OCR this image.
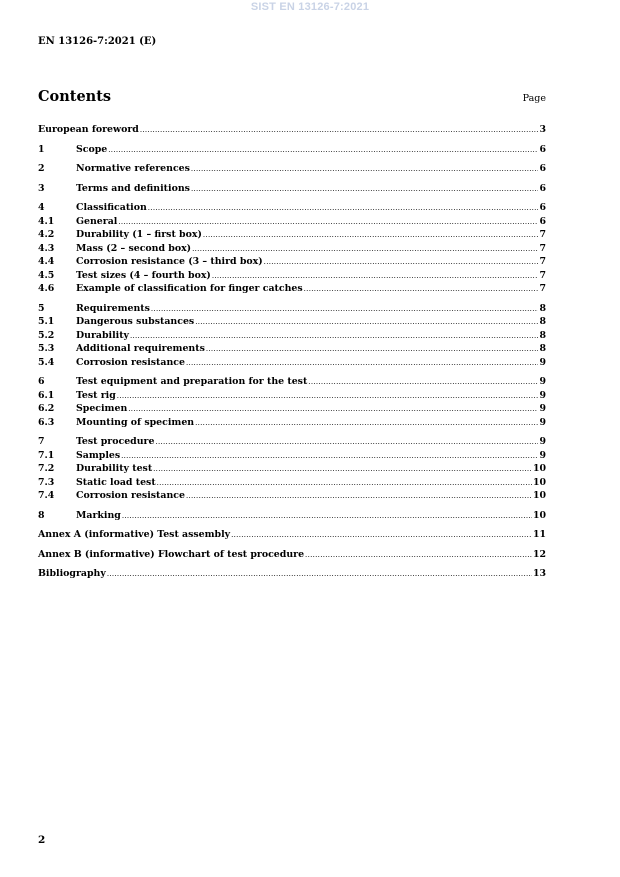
SIST EN 13126-7:2021
EN 13126-7:2021 (E)
Contents	Page
European foreword .....	3
1	Scope .....	6
2	Normative references .....	6
3	Terms and definitions .....	6
4	Classification .....	6
4.1	General .....	6
4.2	Durability (1 – first box) .....	7
4.3	Mass (2 – second box) .....	7
4.4	Corrosion resistance (3 – third box) .....	7
4.5	Test sizes (4 – fourth box) .....	7
4.6	Example of classification for finger catches .....	7
5	Requirements .....	8
5.1	Dangerous substances .....	8
5.2	Durability .....	8
5.3	Additional requirements .....	8
5.4	Corrosion resistance .....	9
6	Test equipment and preparation for the test .....	9
6.1	Test rig .....	9
6.2	Specimen .....	9
6.3	Mounting of specimen .....	9
7	Test procedure .....	9
7.1	Samples .....	9
7.2	Durability test .....	10
7.3	Static load test .....	10
7.4	Corrosion resistance .....	10
8	Marking .....	10
Annex A (informative) Test assembly .....	11
Annex B (informative) Flowchart of test procedure .....	12
Bibliography .....	13
2
